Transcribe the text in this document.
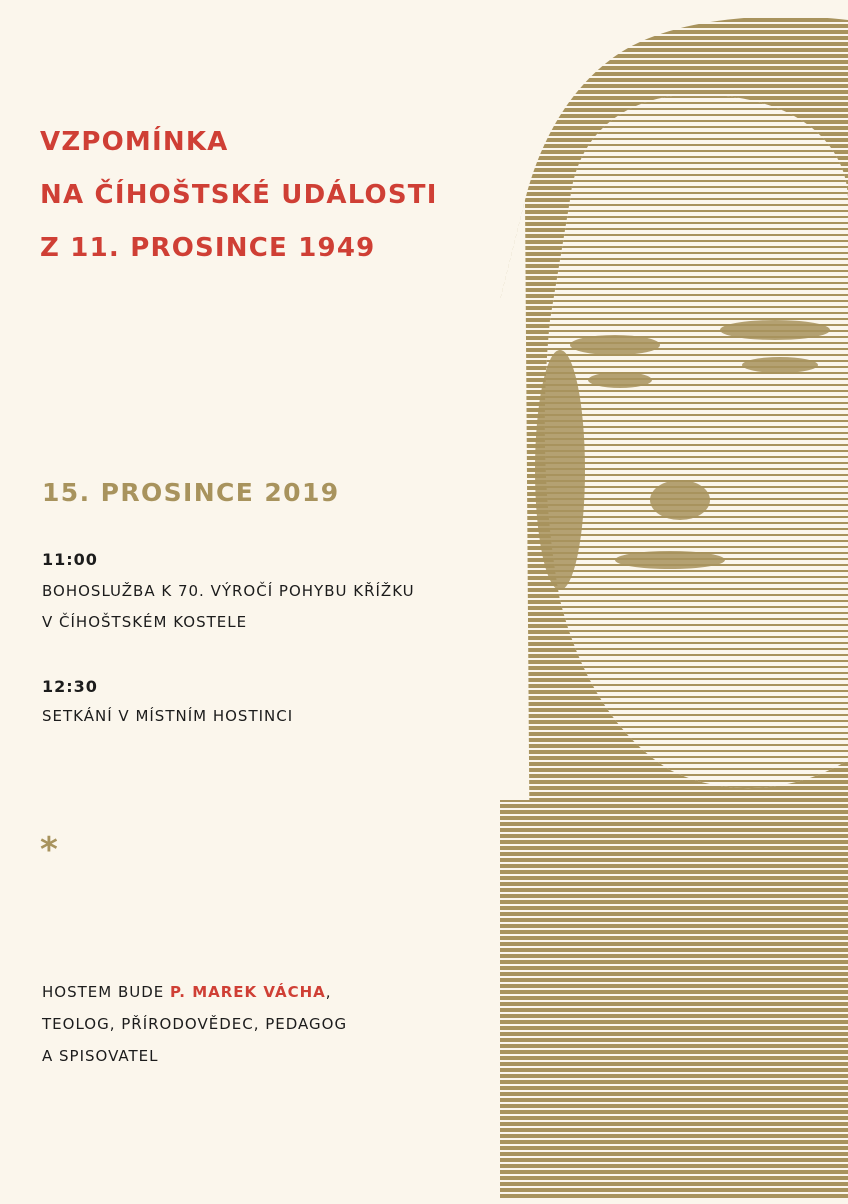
VZPOMÍNKA
NA ČÍHOŠTSKÉ UDÁLOSTI
Z 11. PROSINCE 1949
15. PROSINCE 2019
11:00

BOHOSLUŽBA K 70. VÝROČÍ POHYBU KŘÍŽKU
V ČÍHOŠTSKÉM KOSTELE

12:30

SETKÁNÍ V MÍSTNÍM HOSTINCI

*

HOSTEM BUDE P. MAREK VÁCHA,
TEOLOG, PŘÍRODOVĚDEC, PEDAGOG
A SPISOVATEL
